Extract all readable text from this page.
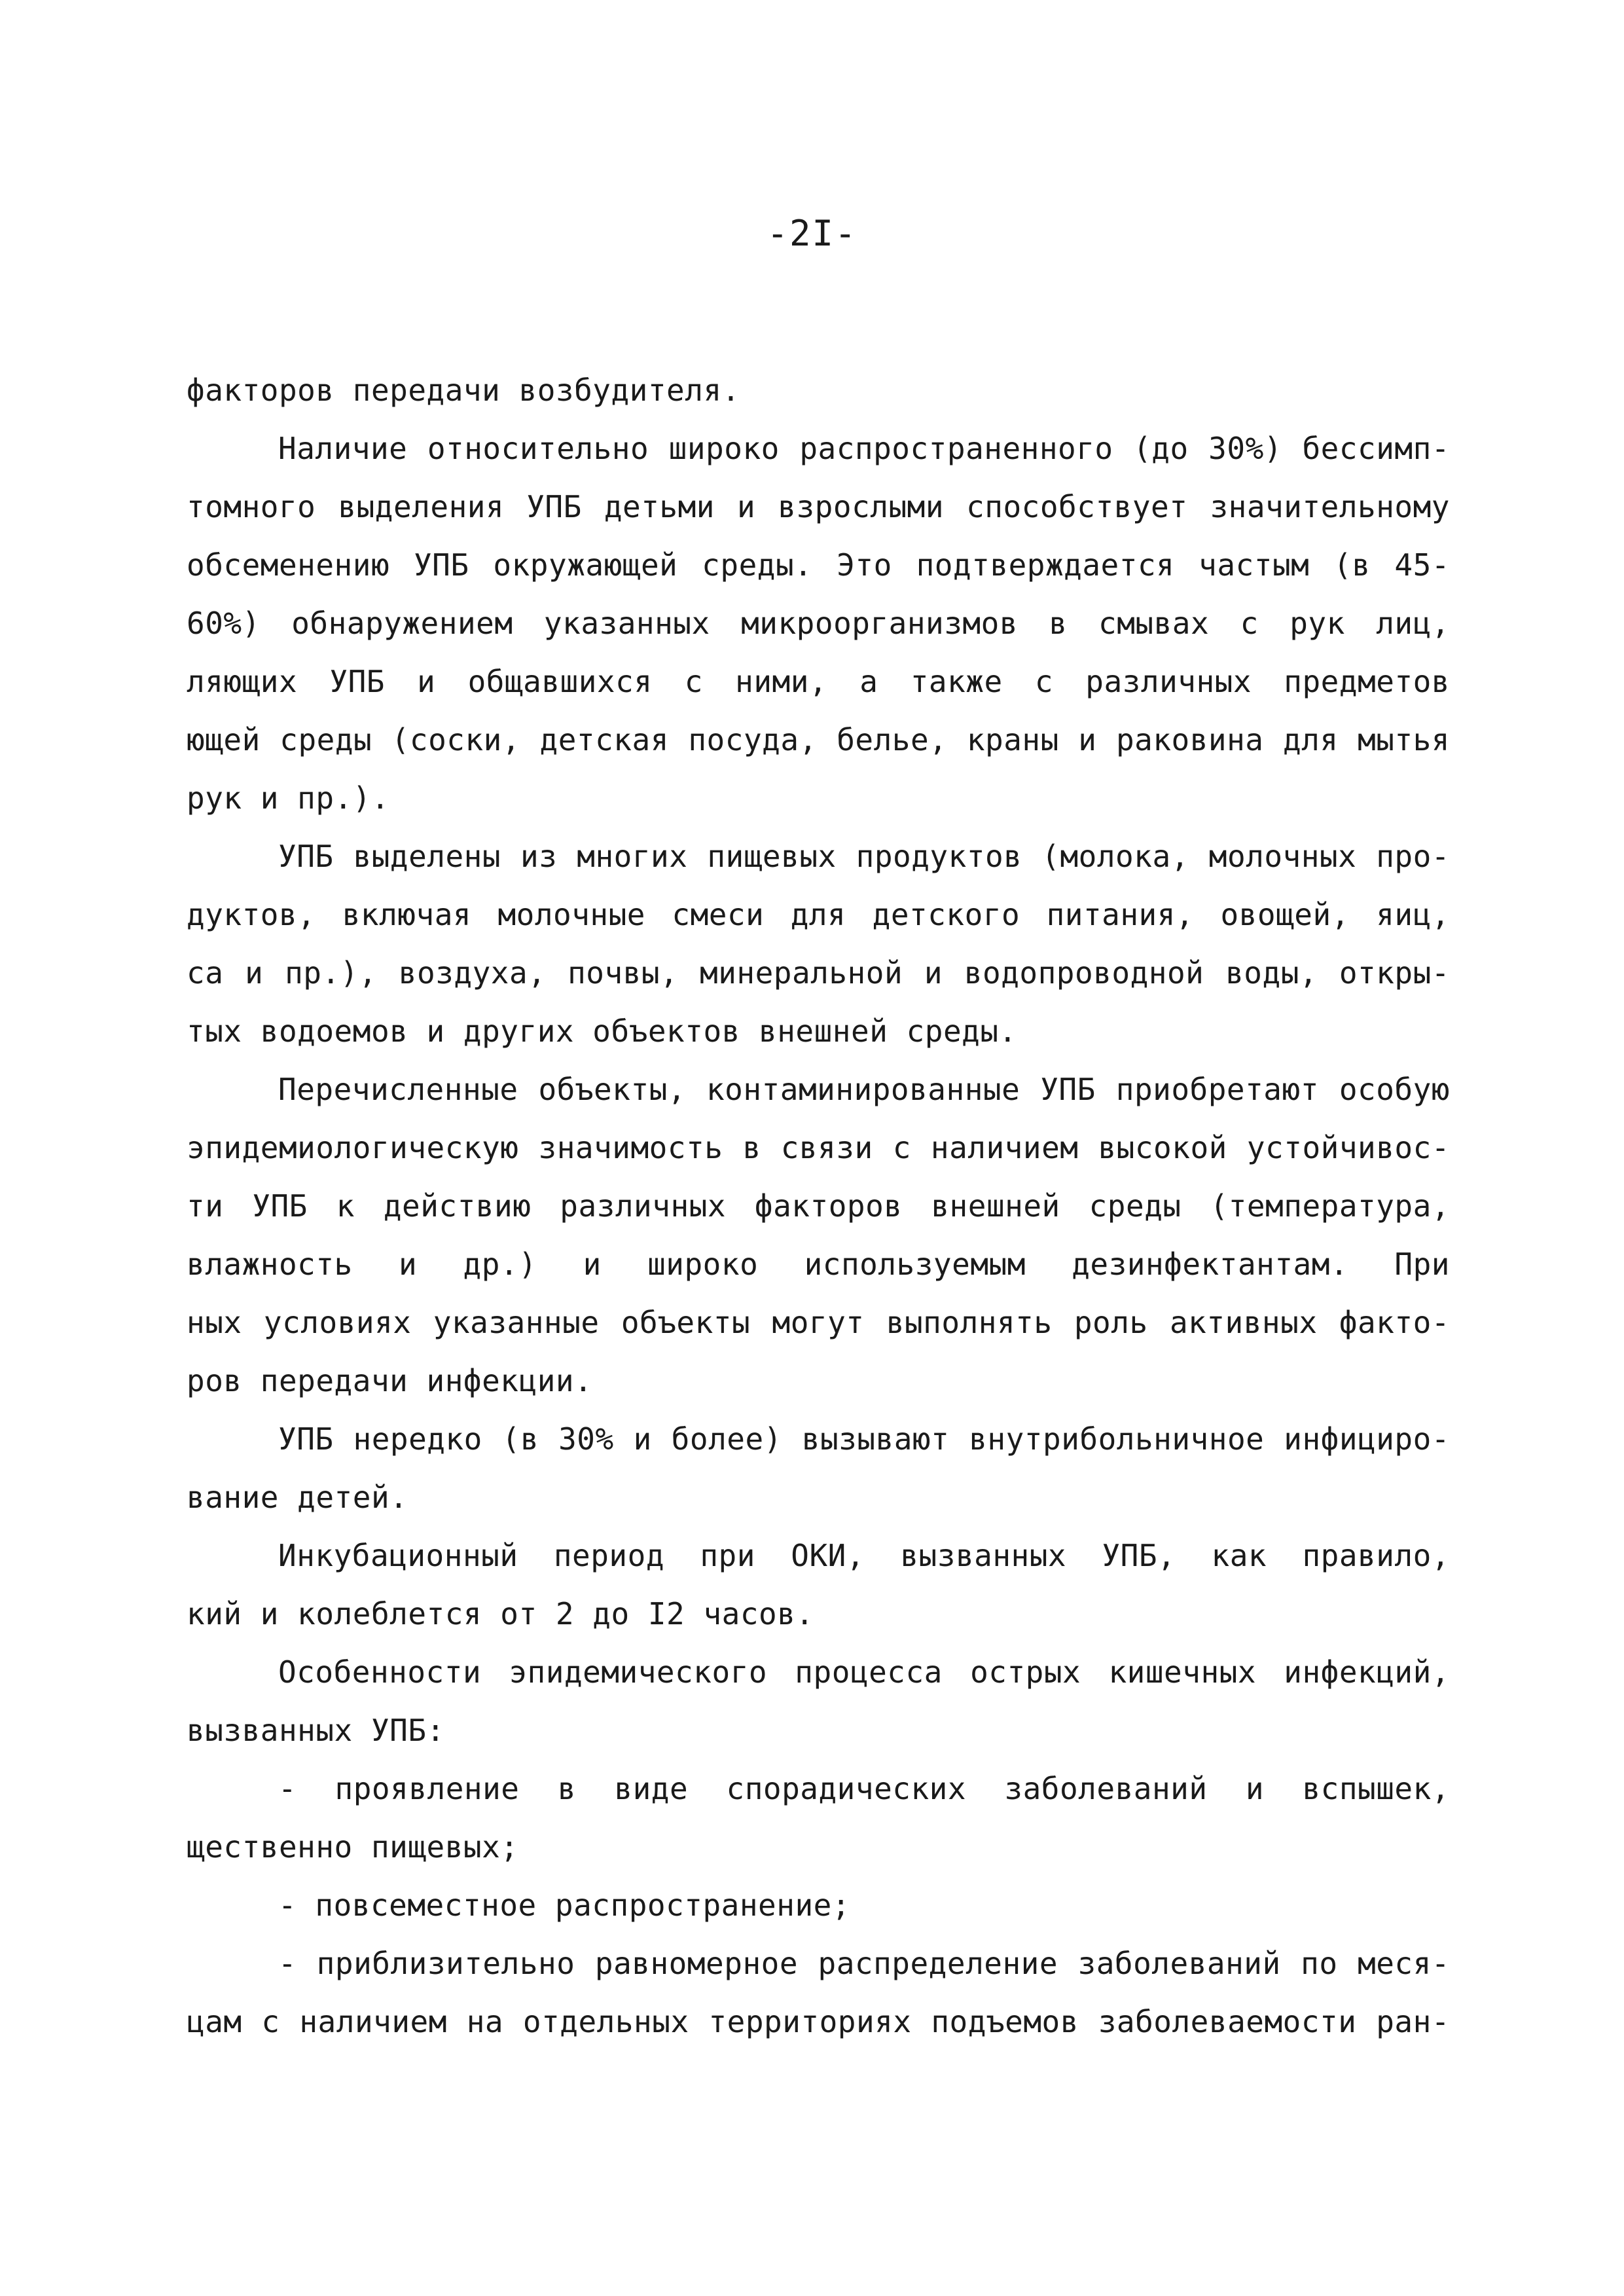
-2I-
факторов передачи возбудителя.
Наличие относительно широко распространенного (до 30%) бессимп-
томного выделения УПБ детьми и взрослыми способствует значительному
обсеменению УПБ окружающей среды. Это подтверждается частым (в 45-
60%) обнаружением указанных микроорганизмов в смывах с рук лиц,
ляющих УПБ и общавшихся с ними, а также с различных предметов
ющей среды (соски, детская посуда, белье, краны и раковина для мытья
рук и пр.).
УПБ выделены из многих пищевых продуктов (молока, молочных про-
дуктов, включая молочные смеси для детского питания, овощей, яиц,
са и пр.), воздуха, почвы, минеральной и водопроводной воды, откры-
тых водоемов и других объектов внешней среды.
Перечисленные объекты, контаминированные УПБ приобретают особую
эпидемиологическую значимость в связи с наличием высокой устойчивос-
ти УПБ к действию различных факторов внешней среды (температура,
влажность и др.) и широко используемым дезинфектантам. При
ных условиях указанные объекты могут выполнять роль активных факто-
ров передачи инфекции.
УПБ нередко (в 30% и более) вызывают внутрибольничное инфициро-
вание детей.
Инкубационный период при ОКИ, вызванных УПБ, как правило,
кий и колеблется от 2 до I2 часов.
Особенности эпидемического процесса острых кишечных инфекций,
вызванных УПБ:
- проявление в виде спорадических заболеваний и вспышек,
щественно пищевых;
- повсеместное распространение;
- приблизительно равномерное распределение заболеваний по меся-
цам с наличием на отдельных территориях подъемов заболеваемости ран-
